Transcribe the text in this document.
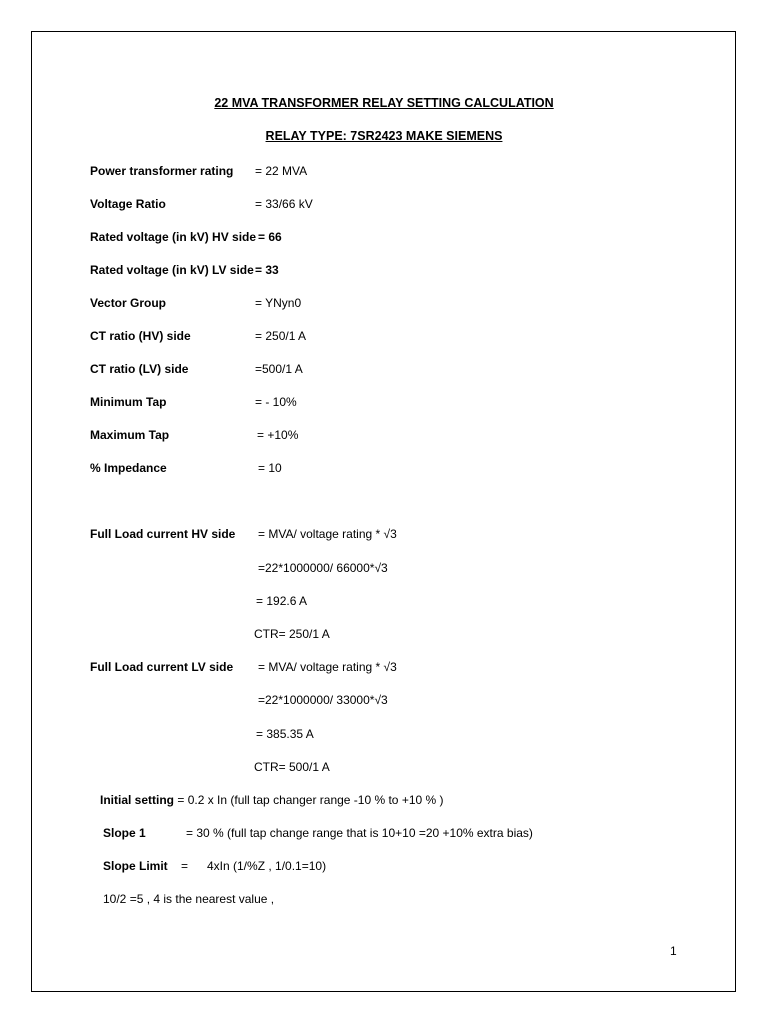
22 MVA TRANSFORMER RELAY SETTING CALCULATION
RELAY TYPE: 7SR2423 MAKE SIEMENS
Power transformer rating = 22 MVA
Voltage Ratio	= 33/66 kV
Rated voltage (in kV) HV side = 66
Rated voltage (in kV) LV side = 33
Vector Group	= YNyn0
CT ratio (HV) side	= 250/1 A
CT ratio (LV) side	=500/1 A
Minimum Tap	= - 10%
Maximum Tap	= +10%
% Impedance	= 10
Full Load current HV side = MVA/ voltage rating * √3
=22*1000000/ 66000*√3
= 192.6 A
CTR= 250/1 A
Full Load current LV side = MVA/ voltage rating * √3
=22*1000000/ 33000*√3
= 385.35 A
CTR= 500/1 A
Initial setting = 0.2 x In (full tap changer range -10 % to +10 % )
Slope 1	= 30 % (full tap change range that is 10+10 =20 +10% extra bias)
Slope Limit = 4xIn (1/%Z , 1/0.1=10)
10/2 =5 , 4 is the nearest value ,
1
